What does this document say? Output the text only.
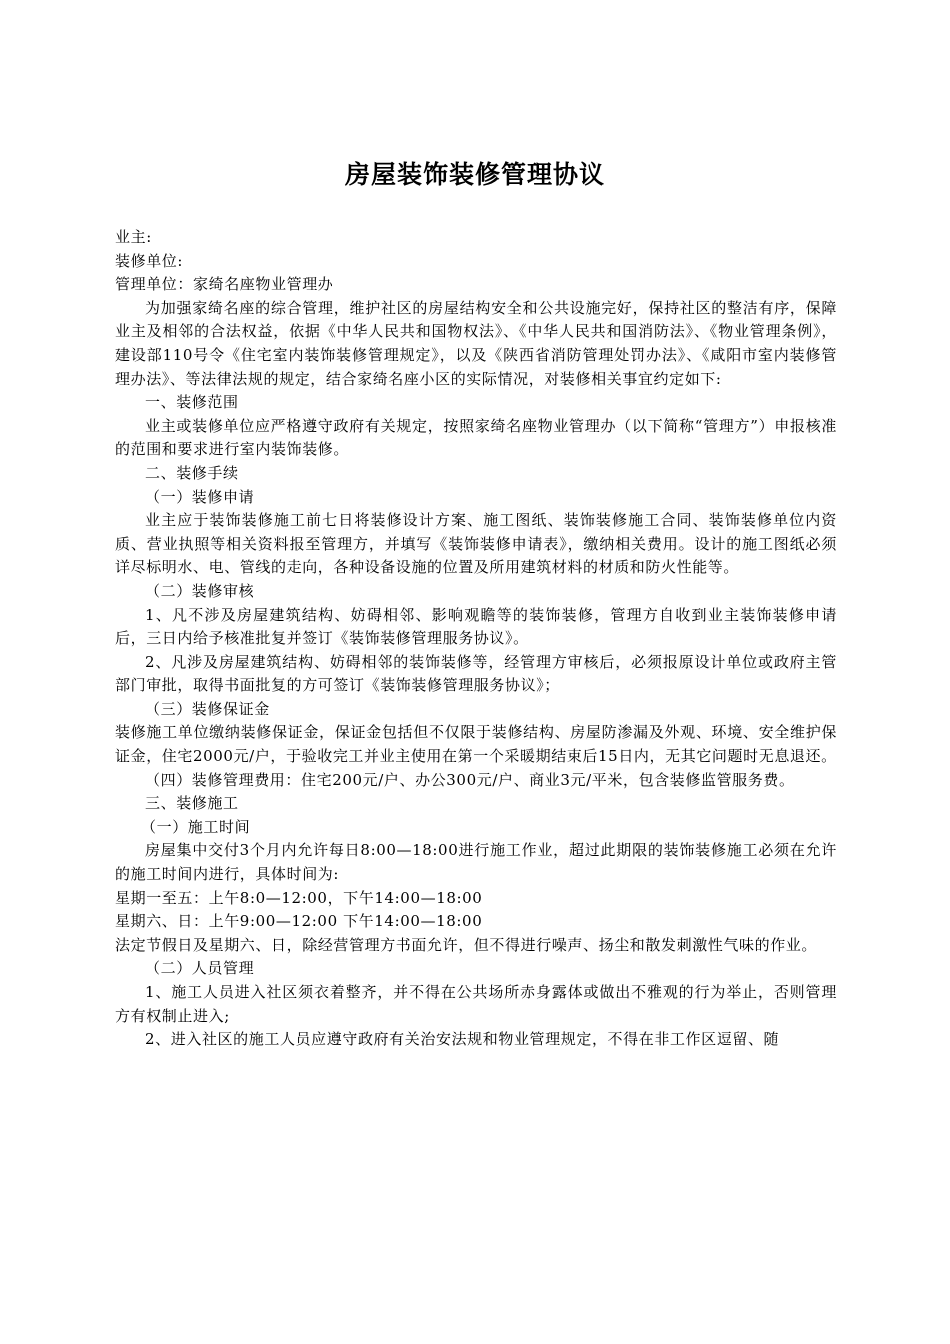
房屋装饰装修管理协议

业主:

装修单位:

管理单位：家绮名座物业管理办

为加强家绮名座的综合管理，维护社区的房屋结构安全和公共设施完好，保持社区的整洁有序，保障业主及相邻的合法权益，依据《中华人民共和国物权法》、《中华人民共和国消防法》、《物业管理条例》，建设部110号令《住宅室内装饰装修管理规定》，以及《陕西省消防管理处罚办法》、《咸阳市室内装修管理办法》、等法律法规的规定，结合家绮名座小区的实际情况，对装修相关事宜约定如下:

一、装修范围

业主或装修单位应严格遵守政府有关规定，按照家绮名座物业管理办（以下简称“管理方”）申报核准的范围和要求进行室内装饰装修。

二、装修手续

（一）装修申请

业主应于装饰装修施工前七日将装修设计方案、施工图纸、装饰装修施工合同、装饰装修单位内资质、营业执照等相关资料报至管理方，并填写《装饰装修申请表》，缴纳相关费用。设计的施工图纸必须详尽标明水、电、管线的走向，各种设备设施的位置及所用建筑材料的材质和防火性能等。

（二）装修审核

1、凡不涉及房屋建筑结构、妨碍相邻、影响观瞻等的装饰装修，管理方自收到业主装饰装修申请后，三日内给予核准批复并签订《装饰装修管理服务协议》。

2、凡涉及房屋建筑结构、妨碍相邻的装饰装修等，经管理方审核后，必须报原设计单位或政府主管部门审批，取得书面批复的方可签订《装饰装修管理服务协议》；

（三）装修保证金

装修施工单位缴纳装修保证金，保证金包括但不仅限于装修结构、房屋防渗漏及外观、环境、安全维护保证金，住宅2000元/户，于验收完工并业主使用在第一个采暖期结束后15日内，无其它问题时无息退还。

（四）装修管理费用：住宅200元/户、办公300元/户、商业3元/平米，包含装修监管服务费。

三、装修施工

（一）施工时间

房屋集中交付3个月内允许每日8:00—18:00进行施工作业，超过此期限的装饰装修施工必须在允许的施工时间内进行，具体时间为:

星期一至五：上午8:0—12:00，下午14:00—18:00

星期六、日：上午9:00—12:00 下午14:00—18:00

法定节假日及星期六、日，除经营管理方书面允许，但不得进行噪声、扬尘和散发刺激性气味的作业。

（二）人员管理

1、施工人员进入社区须衣着整齐，并不得在公共场所赤身露体或做出不雅观的行为举止，否则管理方有权制止进入;

2、进入社区的施工人员应遵守政府有关治安法规和物业管理规定，不得在非工作区逗留、随
